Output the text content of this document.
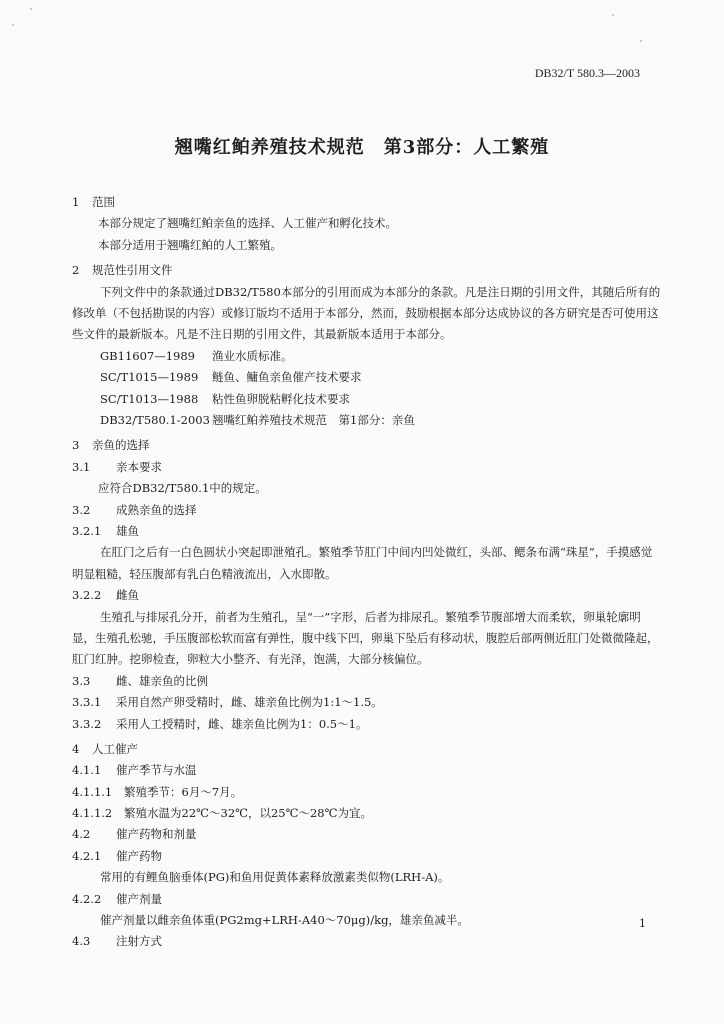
DB32/T 580.3—2003
翘嘴红鲌养殖技术规范　第3部分：人工繁殖
1 范围
本部分规定了翘嘴红鲌亲鱼的选择、人工催产和孵化技术。
本部分适用于翘嘴红鲌的人工繁殖。
2 规范性引用文件
下列文件中的条款通过DB32/T580本部分的引用而成为本部分的条款。凡是注日期的引用文件，其随后所有的修改单（不包括勘误的内容）或修订版均不适用于本部分，然而，鼓励根据本部分达成协议的各方研究是否可使用这些文件的最新版本。凡是不注日期的引用文件，其最新版本适用于本部分。
GB11607—1989 渔业水质标准。
SC/T1015—1989 鲢鱼、鳙鱼亲鱼催产技术要求
SC/T1013—1988 粘性鱼卵脱粘孵化技术要求
DB32/T580.1-2003 翘嘴红鲌养殖技术规范　第1部分：亲鱼
3 亲鱼的选择
3.1 亲本要求
应符合DB32/T580.1中的规定。
3.2 成熟亲鱼的选择
3.2.1 雄鱼
在肛门之后有一白色圆状小突起即泄殖孔。繁殖季节肛门中间内凹处微红，头部、鳃条布满“珠星”，手摸感觉明显粗糙，轻压腹部有乳白色精液流出，入水即散。
3.2.2 雌鱼
生殖孔与排尿孔分开，前者为生殖孔，呈“一”字形，后者为排尿孔。繁殖季节腹部增大而柔软，卵巢轮廓明显，生殖孔松驰，手压腹部松软而富有弹性，腹中线下凹，卵巢下坠后有移动状，腹腔后部两侧近肛门处微微隆起，肛门红肿。挖卵检查，卵粒大小整齐、有光泽，饱满，大部分核偏位。
3.3 雌、雄亲鱼的比例
3.3.1 采用自然产卵受精时，雌、雄亲鱼比例为1:1～1.5。
3.3.2 采用人工授精时，雌、雄亲鱼比例为1：0.5～1。
4 人工催产
4.1.1 催产季节与水温
4.1.1.1 繁殖季节：6月～7月。
4.1.1.2 繁殖水温为22℃～32℃，以25℃～28℃为宜。
4.2 催产药物和剂量
4.2.1 催产药物
常用的有鲤鱼脑垂体(PG)和鱼用促黄体素释放激素类似物(LRH-A)。
4.2.2 催产剂量
催产剂量以雌亲鱼体重(PG2mg+LRH-A40～70μg)/kg，雄亲鱼减半。
4.3 注射方式
1
